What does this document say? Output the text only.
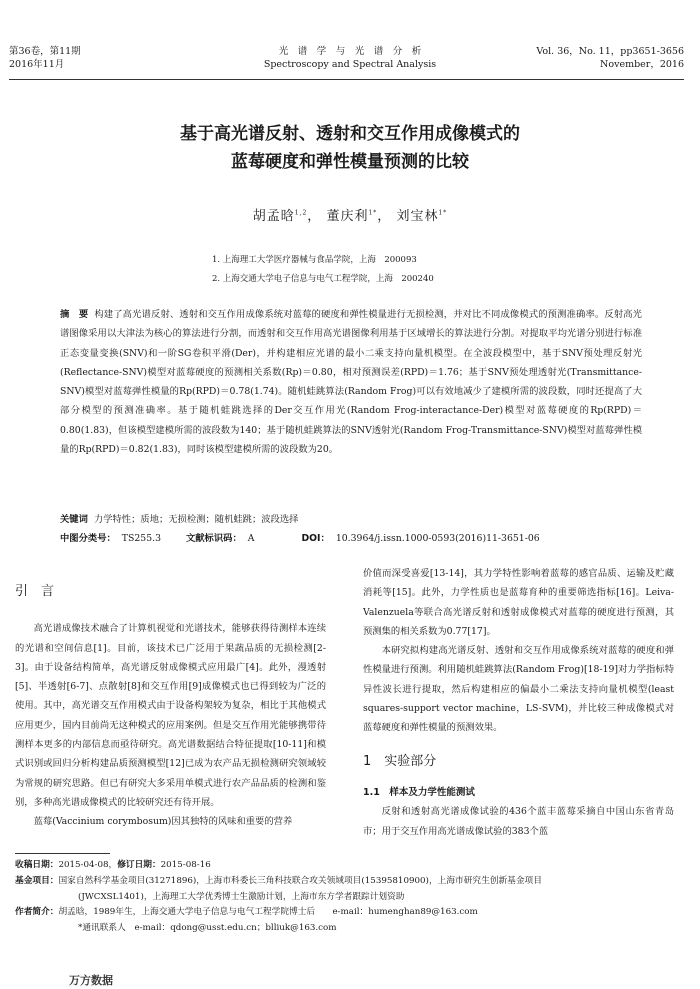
第36卷，第11期
2016年11月
光　谱　学　与　光　谱　分　析
Spectroscopy and Spectral Analysis
Vol. 36，No. 11，pp3651-3656
November，2016
基于高光谱反射、透射和交互作用成像模式的
蓝莓硬度和弹性模量预测的比较
胡孟晗$^{1,2}$， 董庆利$^{1*}$， 刘宝林$^{1*}$
1. 上海理工大学医疗器械与食品学院，上海　200093
2. 上海交通大学电子信息与电气工程学院，上海　200240
摘　要 构建了高光谱反射、透射和交互作用成像系统对蓝莓的硬度和弹性模量进行无损检测，并对比不同成像模式的预测准确率。反射高光谱图像采用以大津法为核心的算法进行分割，而透射和交互作用高光谱图像利用基于区域增长的算法进行分割。对提取平均光谱分别进行标准正态变量变换(SNV)和一阶SG卷积平滑(Der)，并构建相应光谱的最小二乘支持向量机模型。在全波段模型中，基于SNV预处理反射光(Reflectance-SNV)模型对蓝莓硬度的预测相关系数(Rp)＝0.80，相对预测误差(RPD)＝1.76；基于SNV预处理透射光(Transmittance-SNV)模型对蓝莓弹性模量的Rp(RPD)＝0.78(1.74)。随机蛙跳算法(Random Frog)可以有效地减少了建模所需的波段数，同时还提高了大部分模型的预测准确率。基于随机蛙跳选择的Der交互作用光(Random Frog-interactance-Der)模型对蓝莓硬度的Rp(RPD)＝0.80(1.83)，但该模型建模所需的波段数为140；基于随机蛙跳算法的SNV透射光(Random Frog-Transmittance-SNV)模型对蓝莓弹性模量的Rp(RPD)＝0.82(1.83)，同时该模型建模所需的波段数为20。
关键词 力学特性；质地；无损检测；随机蛙跳；波段选择
中图分类号： TS255.3	文献标识码： A	DOI： 10.3964/j.issn.1000-0593(2016)11-3651-06
引　言

高光谱成像技术融合了计算机视觉和光谱技术，能够获得待测样本连续的光谱和空间信息[1]。目前，该技术已广泛用于果蔬品质的无损检测[2-3]。由于设备结构简单，高光谱反射成像模式应用最广[4]。此外，漫透射[5]、半透射[6-7]、点散射[8]和交互作用[9]成像模式也已得到较为广泛的使用。其中，高光谱交互作用模式由于设备构架较为复杂，相比于其他模式应用更少，国内目前尚无这种模式的应用案例。但是交互作用光能够携带待测样本更多的内部信息而亟待研究。高光谱数据结合特征提取[10-11]和模式识别或回归分析构建品质预测模型[12]已成为农产品无损检测研究领域较为常规的研究思路。但已有研究大多采用单模式进行农产品品质的检测和鉴别，多种高光谱成像模式的比较研究还有待开展。

蓝莓(Vaccinium corymbosum)因其独特的风味和重要的营养

价值而深受喜爱[13-14]，其力学特性影响着蓝莓的感官品质、运输及贮藏消耗等[15]。此外，力学性质也是蓝莓育种的重要筛选指标[16]。Leiva-Valenzuela等联合高光谱反射和透射成像模式对蓝莓的硬度进行预测，其预测集的相关系数为0.77[17]。

本研究拟构建高光谱反射、透射和交互作用成像系统对蓝莓的硬度和弹性模量进行预测。利用随机蛙跳算法(Random Frog)[18-19]对力学指标特异性波长进行提取，然后构建相应的偏最小二乘法支持向量机模型(least squares-support vector machine，LS-SVM)，并比较三种成像模式对蓝莓硬度和弹性模量的预测效果。

1　实验部分
1.1　样本及力学性能测试

反射和透射高光谱成像试验的436个蓝丰蓝莓采摘自中国山东省青岛市；用于交互作用高光谱成像试验的383个蓝

收稿日期：2015-04-08，修订日期：2015-08-16
基金项目：国家自然科学基金项目(31271896)，上海市科委长三角科技联合攻关领域项目(15395810900)，上海市研究生创新基金项目
(JWCXSL1401)，上海理工大学优秀博士生激励计划，上海市东方学者跟踪计划资助
作者简介：胡孟晗，1989年生，上海交通大学电子信息与电气工程学院博士后　　e-mail：humenghan89@163.com
*通讯联系人　e-mail：qdong@usst.edu.cn；blliuk@163.com
万方数据
